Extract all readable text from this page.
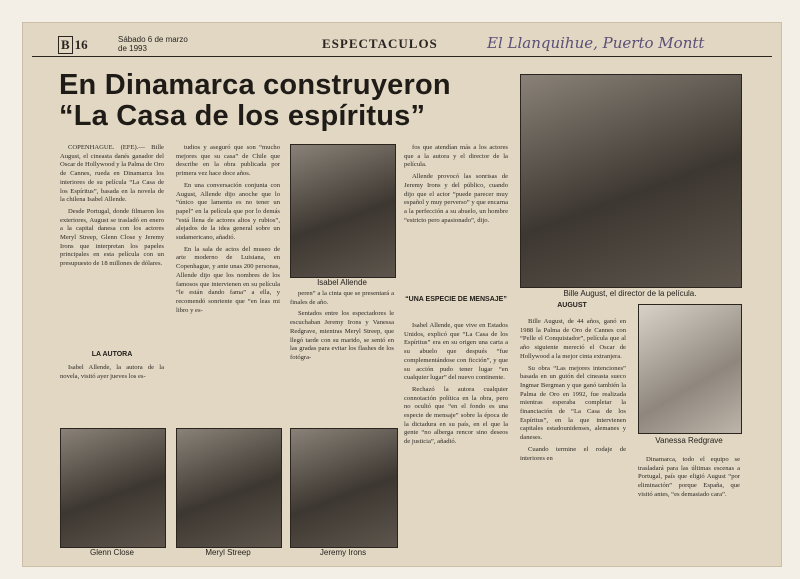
B 16	Sábado 6 de marzo de 1993	ESPECTACULOS	El Llanquihue, Puerto Montt
En Dinamarca construyeron
“La Casa de los espíritus”
Bille August, el director de la película.
Isabel Allende
Vanessa Redgrave
Glenn Close	Meryl Streep	Jeremy Irons

COPENHAGUE. (EFE).— Bille August, el cineasta danés ganador del Oscar de Hollywood y la Palma de Oro de Cannes, rueda en Dinamarca los interiores de su película “La Casa de los Espíritus”, basada en la novela de la chilena Isabel Allende.

Desde Portugal, donde filmaron los exteriores, August se trasladó en enero a la capital danesa con los actores Meryl Streep, Glenn Close y Jeremy Irons que interpretan los papeles principales en esta película con un presupuesto de 18 millones de dólares.

LA AUTORA

Isabel Allende, la autora de la novela, visitó ayer jueves los es-

tudios y aseguró que son “mucho mejores que su casa” de Chile que describe en la obra publicada por primera vez hace doce años.

En una conversación conjunta con August, Allende dijo anoche que lo “único que lamenta es no tener un papel” en la película que por lo demás “está llena de actores altos y rubios”, alejados de la idea general sobre un sudamericano, añadió.

En la sala de actos del museo de arte moderno de Luisiana, en Copenhague, y ante unas 200 personas, Allende dijo que los nombres de los famosos que intervienen en su película “le están dando fama” a ella, y recomendó sonriente que “en leas mi libro y es-

peren” a la cinta que se presentará a finales de año.

Sentados entre los espectadores le escuchaban Jeremy Irons y Vanessa Redgrave, mientras Meryl Streep, que llegó tarde con su marido, se sentó en las gradas para evitar los flashes de los fotógra-

fos que atendían más a los actores que a la autora y el director de la película.

Allende provocó las sonrisas de Jeremy Irons y del público, cuando dijo que el actor “puede parecer muy español y muy perverso” y que encarna a la perfección a su abuelo, un hombre “estricto pero apasionado”, dijo.

“UNA ESPECIE DE MENSAJE”

Isabel Allende, que vive en Estados Unidos, explicó que “La Casa de los Espíritus” era en su origen una carta a su abuelo que después “fue complementándose con ficción”, y que su acción pudo tener lugar “en cualquier lugar” del nuevo continente.

Rechazó la autora cualquier connotación política en la obra, pero no ocultó que “en el fondo es una especie de mensaje” sobre la época de la dictadura en su país, en el que la gente “no alberga rencor sino deseos de justicia”, añadió.

AUGUST

Bille August, de 44 años, ganó en 1988 la Palma de Oro de Cannes con “Pelle el Conquistador”, película que al año siguiente mereció el Oscar de Hollywood a la mejor cinta extranjera.

Su obra “Las mejores intenciones” basada en un guión del cineasta sueco Ingmar Bergman y que ganó también la Palma de Oro en 1992, fue realizada mientras esperaba completar la financiación de “La Casa de los Espíritus”, en la que intervienen capitales estadounidenses, alemanes y daneses.

Cuando termine el rodaje de interiores en	Dinamarca, todo el equipo se trasladará para las últimas escenas a Portugal, país que eligió August “por eliminación” porque España, que visitó antes, “es demasiado cara”.
